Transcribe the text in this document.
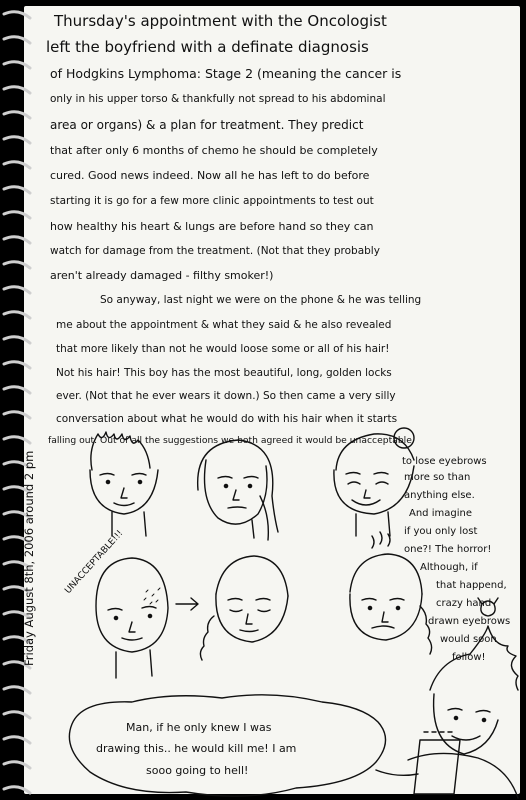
Thursday's appointment with the Oncologist
left the boyfriend with a definate diagnosis
of Hodgkins Lymphoma: Stage 2 (meaning the cancer is
only in his upper torso & thankfully not spread to his abdominal
area or organs) & a plan for treatment. They predict
that after only 6 months of chemo he should be completely
cured. Good news indeed. Now all he has left to do before
starting it is go for a few more clinic appointments to test out
how healthy his heart & lungs are before hand so they can
watch for damage from the treatment. (Not that they probably
aren't already damaged - filthy smoker!)
So anyway, last night we were on the phone & he was telling
me about the appointment & what they said & he also revealed
that more likely than not he would loose some or all of his hair!
Not his hair! This boy has the most beautiful, long, golden locks
ever. (Not that he ever wears it down.) So then came a very silly
conversation about what he would do with his hair when it starts
falling out. Out of all the suggestions we both agreed it would be unacceptable
to lose eyebrows
more so than
anything else.
And imagine
if you only lost
one?! The horror!
Although, if
that happend,
crazy hand
drawn eyebrows
would soon
follow!
UNACCEPTABLE!!!
Man, if he only knew I was
drawing this.. he would kill me! I am
sooo going to hell!
Friday August 8th, 2006 around 2 pm
